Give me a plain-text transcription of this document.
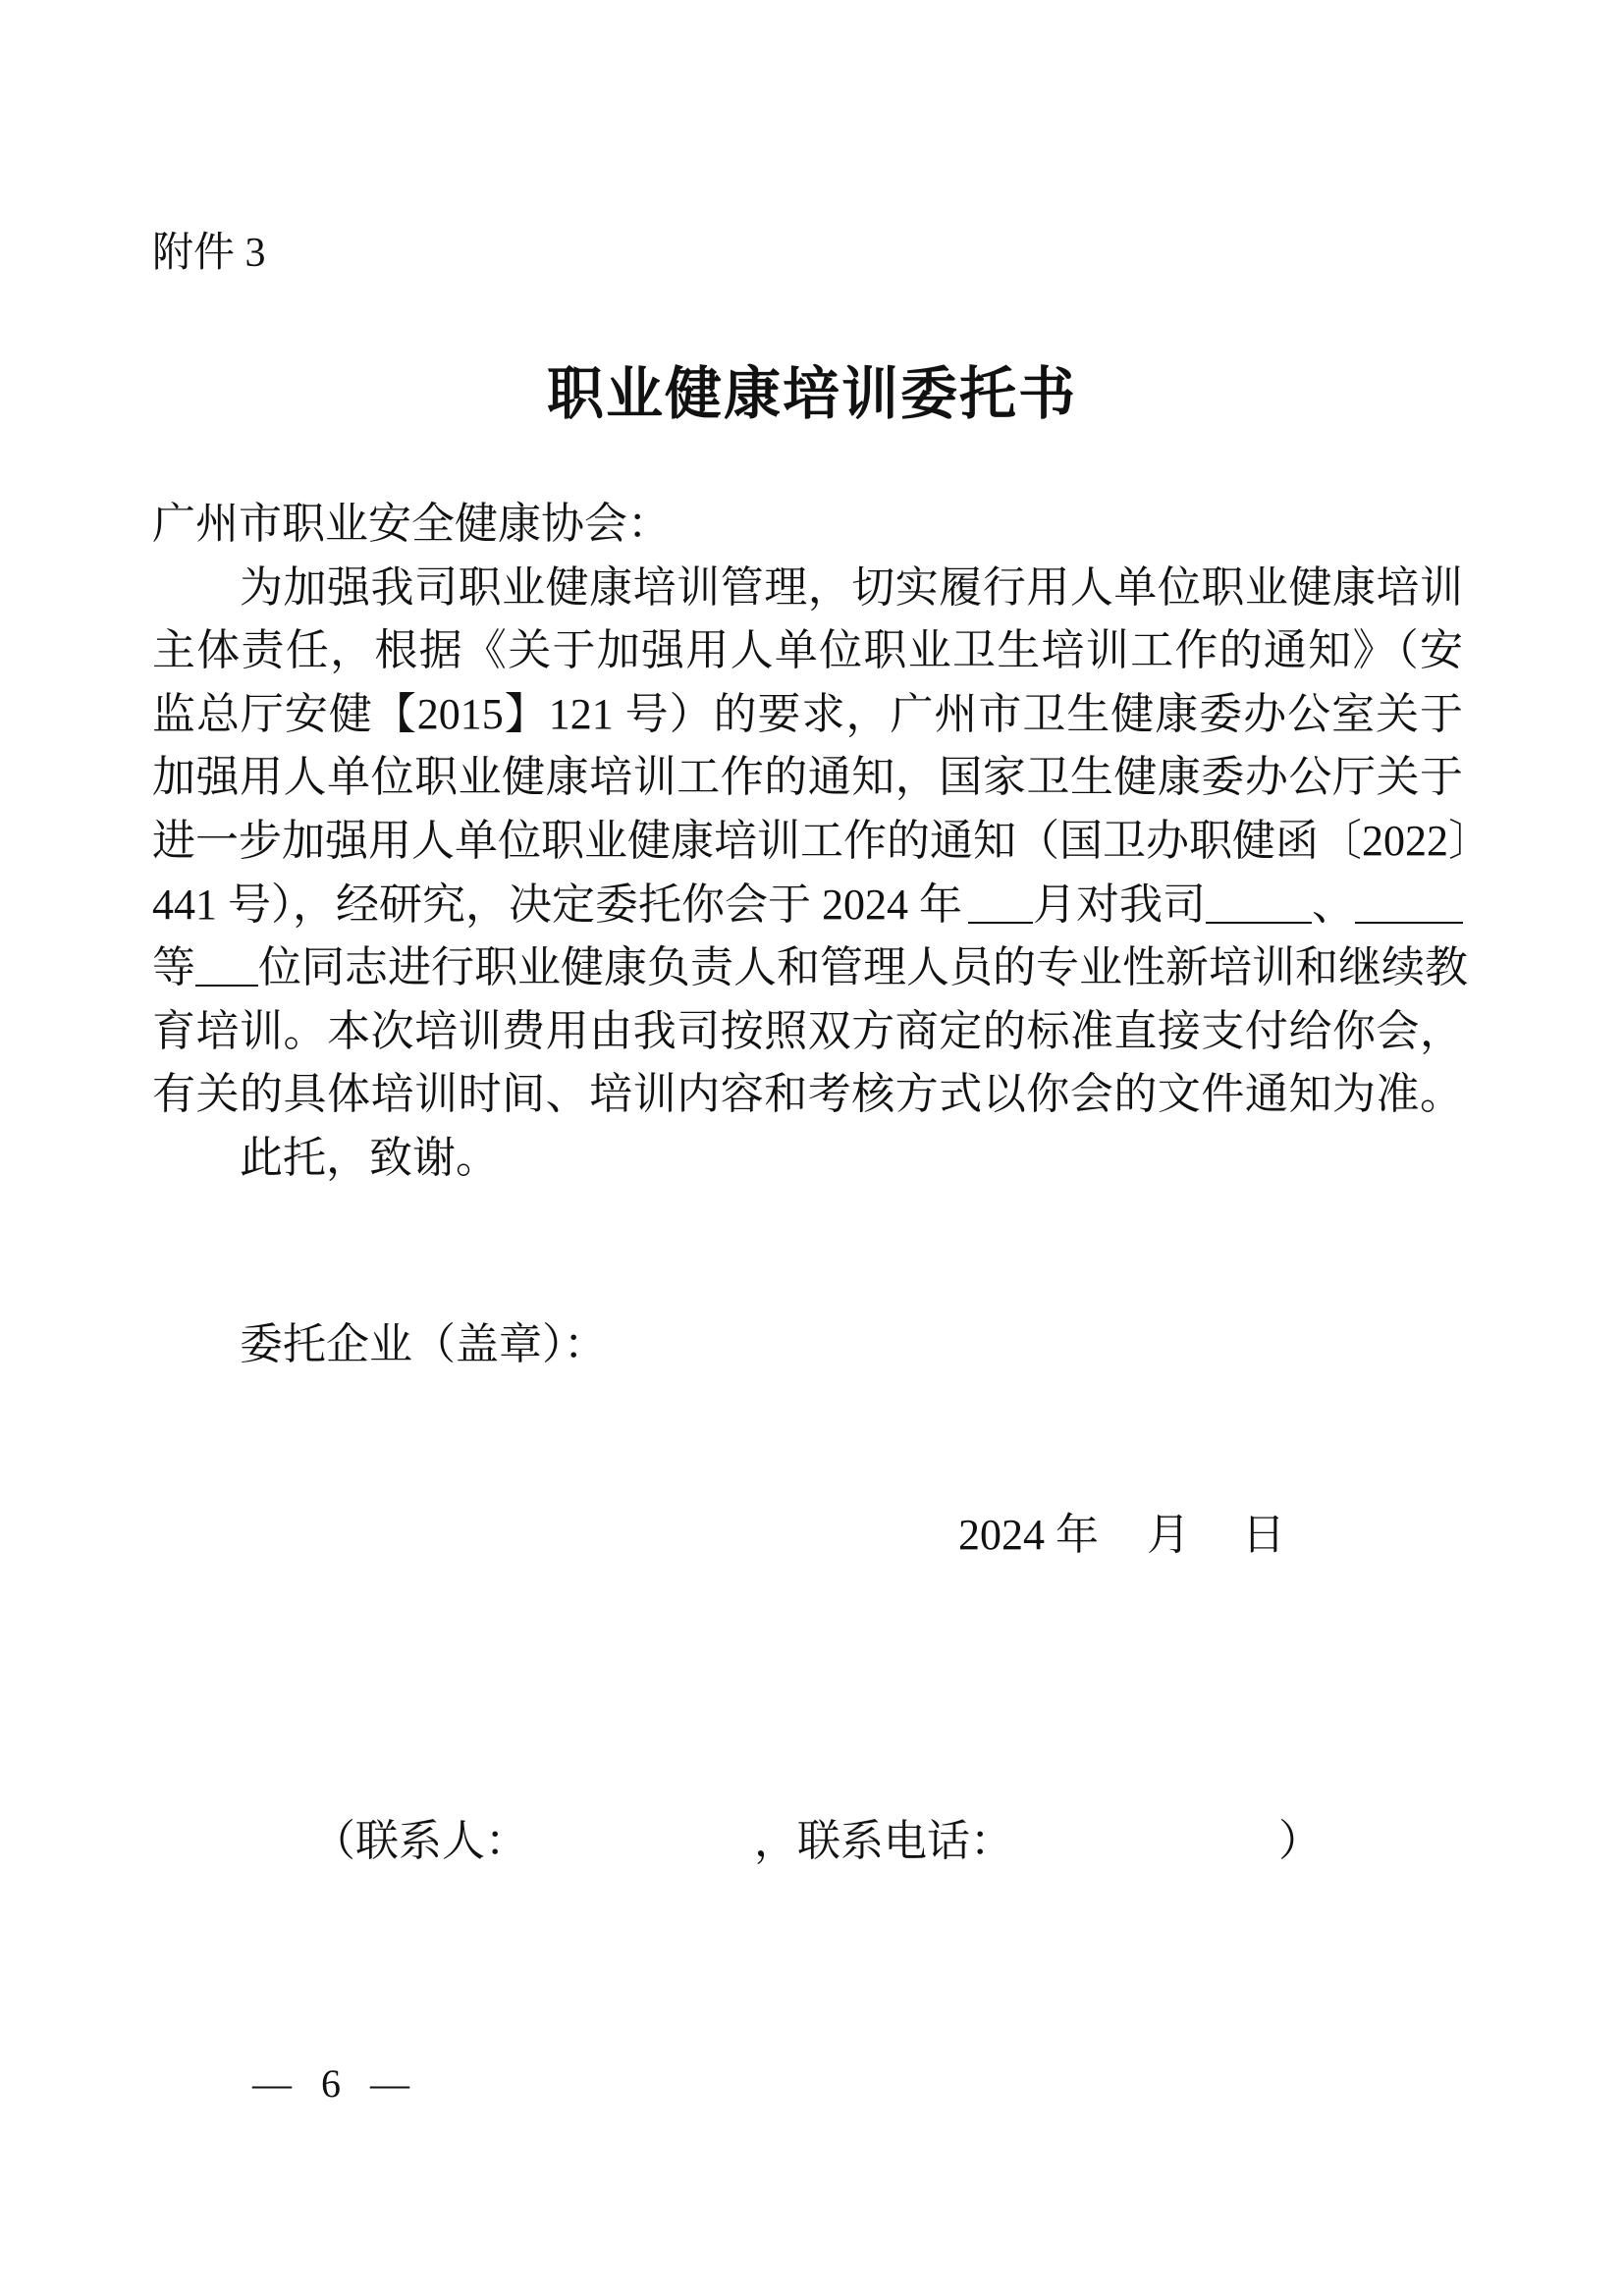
附件 3
职业健康培训委托书
广州市职业安全健康协会：
为加强我司职业健康培训管理，切实履行用人单位职业健康培训
主体责任，根据《关于加强用人单位职业卫生培训工作的通知》（安
监总厅安健【2015】121 号）的要求，广州市卫生健康委办公室关于
加强用人单位职业健康培训工作的通知，国家卫生健康委办公厅关于
进一步加强用人单位职业健康培训工作的通知（国卫办职健函〔2022〕
441 号），经研究，决定委托你会于 2024 年 月对我司 、
等 位同志进行职业健康负责人和管理人员的专业性新培训和继续教
育培训。本次培训费用由我司按照双方商定的标准直接支付给你会，
有关的具体培训时间、培训内容和考核方式以你会的文件通知为准。
此托，致谢。
委托企业（盖章）：
2024 年 月 日
（联系人：	，联系电话：	）
— 6 —
